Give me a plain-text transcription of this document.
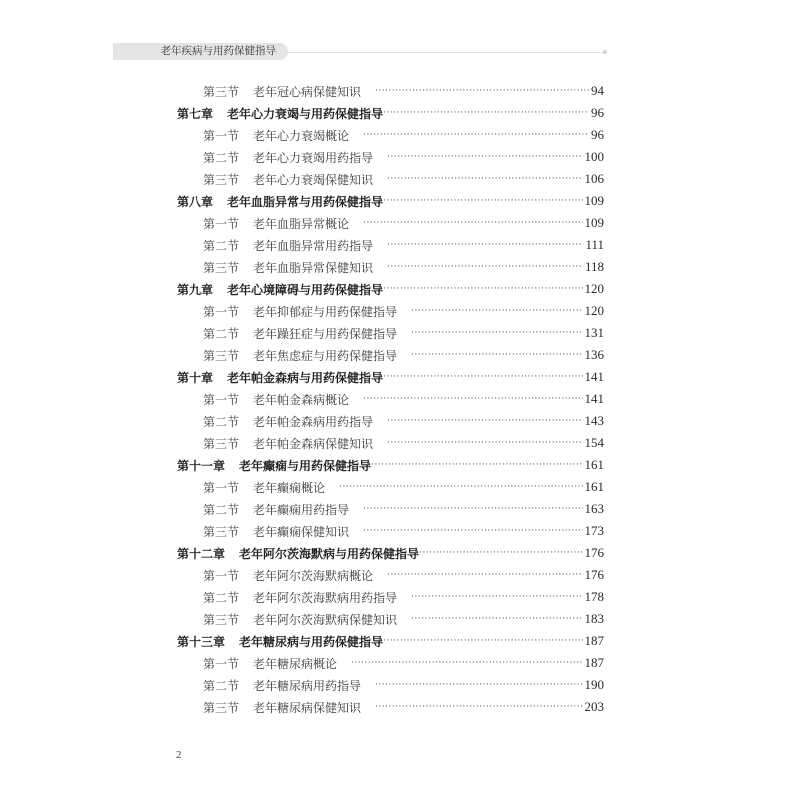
老年疾病与用药保健指导
第三节 老年冠心病保健知识 ·····	94
第七章 老年心力衰竭与用药保健指导 ·····	96
第一节 老年心力衰竭概论 ·····	96
第二节 老年心力衰竭用药指导 ·····	100
第三节 老年心力衰竭保健知识 ·····	106
第八章 老年血脂异常与用药保健指导 ·····	109
第一节 老年血脂异常概论 ·····	109
第二节 老年血脂异常用药指导 ·····	111
第三节 老年血脂异常保健知识 ·····	118
第九章 老年心境障碍与用药保健指导 ·····	120
第一节 老年抑郁症与用药保健指导 ·····	120
第二节 老年躁狂症与用药保健指导 ·····	131
第三节 老年焦虑症与用药保健指导 ·····	136
第十章 老年帕金森病与用药保健指导 ·····	141
第一节 老年帕金森病概论 ·····	141
第二节 老年帕金森病用药指导 ·····	143
第三节 老年帕金森病保健知识 ·····	154
第十一章 老年癫痫与用药保健指导 ·····	161
第一节 老年癫痫概论 ·····	161
第二节 老年癫痫用药指导 ·····	163
第三节 老年癫痫保健知识 ·····	173
第十二章 老年阿尔茨海默病与用药保健指导 ·····	176
第一节 老年阿尔茨海默病概论 ·····	176
第二节 老年阿尔茨海默病用药指导 ·····	178
第三节 老年阿尔茨海默病保健知识 ·····	183
第十三章 老年糖尿病与用药保健指导 ·····	187
第一节 老年糖尿病概论 ·····	187
第二节 老年糖尿病用药指导 ·····	190
第三节 老年糖尿病保健知识 ·····	203
2
